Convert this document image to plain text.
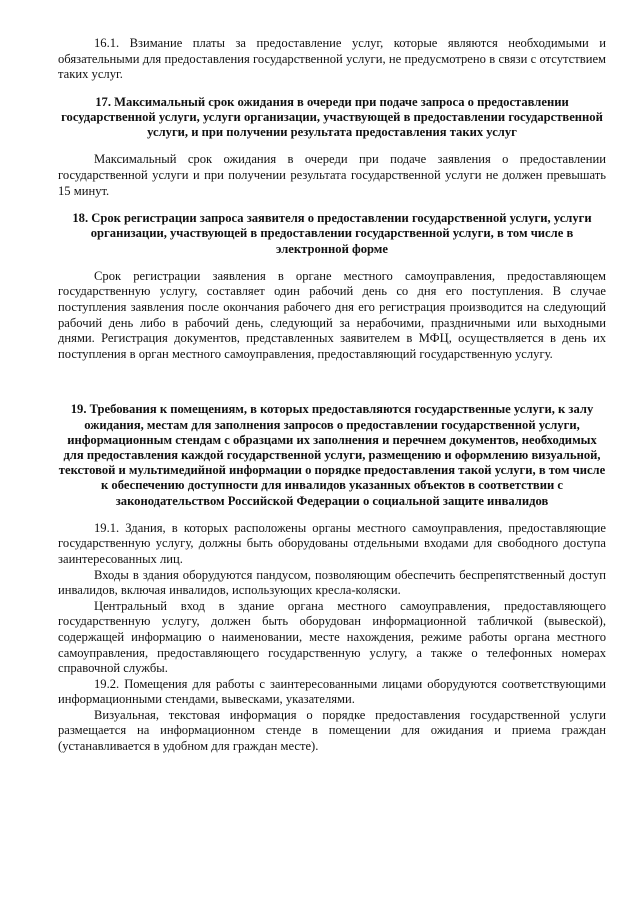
16.1. Взимание платы за предоставление услуг, которые являются необходимыми и обязательными для предоставления государственной услуги, не предусмотрено в связи с отсутствием таких услуг.

17. Максимальный срок ожидания в очереди при подаче запроса о предоставлении государственной услуги, услуги организации, участвующей в предоставлении государственной услуги, и при получении результата предоставления таких услуг

Максимальный срок ожидания в очереди при подаче заявления о предоставлении государственной услуги и при получении результата государственной услуги не должен превышать 15 минут.

18. Срок регистрации запроса заявителя о предоставлении государственной услуги, услуги организации, участвующей в предоставлении государственной услуги, в том числе в электронной форме

Срок регистрации заявления в органе местного самоуправления, предоставляющем государственную услугу, составляет один рабочий день со дня его поступления. В случае поступления заявления после окончания рабочего дня его регистрация производится на следующий рабочий день либо в рабочий день, следующий за нерабочими, праздничными или выходными днями. Регистрация документов, представленных заявителем в МФЦ, осуществляется в день их поступления в орган местного самоуправления, предоставляющий государственную услугу.

19. Требования к помещениям, в которых предоставляются государственные услуги, к залу ожидания, местам для заполнения запросов о предоставлении государственной услуги, информационным стендам с образцами их заполнения и перечнем документов, необходимых для предоставления каждой государственной услуги, размещению и оформлению визуальной, текстовой и мультимедийной информации о порядке предоставления такой услуги, в том числе к обеспечению доступности для инвалидов указанных объектов в соответствии с законодательством Российской Федерации о социальной защите инвалидов

19.1. Здания, в которых расположены органы местного самоуправления, предоставляющие государственную услугу, должны быть оборудованы отдельными входами для свободного доступа заинтересованных лиц.

Входы в здания оборудуются пандусом, позволяющим обеспечить беспрепятственный доступ инвалидов, включая инвалидов, использующих кресла-коляски.

Центральный вход в здание органа местного самоуправления, предоставляющего государственную услугу, должен быть оборудован информационной табличкой (вывеской), содержащей информацию о наименовании, месте нахождения, режиме работы органа местного самоуправления, предоставляющего государственную услугу, а также о телефонных номерах справочной службы.

19.2. Помещения для работы с заинтересованными лицами оборудуются соответствующими информационными стендами, вывесками, указателями.

Визуальная, текстовая информация о порядке предоставления государственной услуги размещается на информационном стенде в помещении для ожидания и приема граждан (устанавливается в удобном для граждан месте).
